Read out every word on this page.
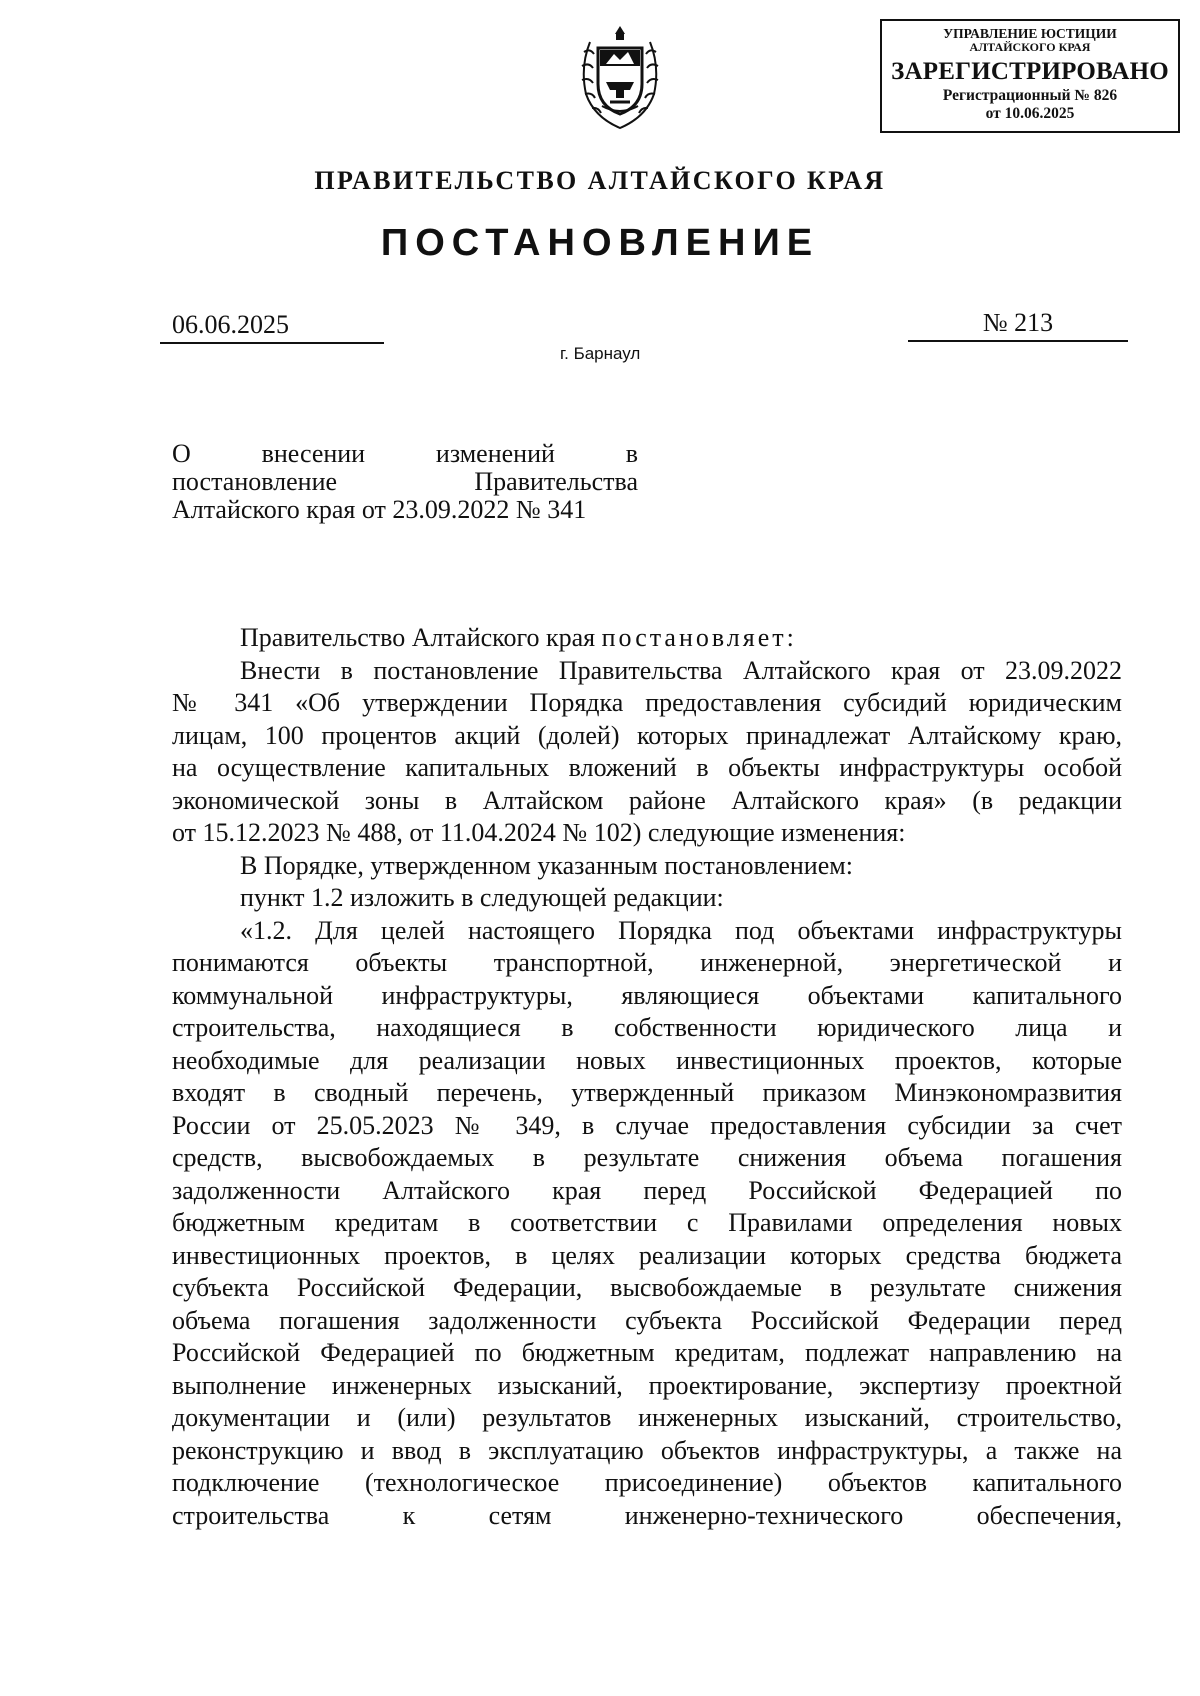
УПРАВЛЕНИЕ ЮСТИЦИИ
АЛТАЙСКОГО КРАЯ
ЗАРЕГИСТРИРОВАНО
Регистрационный № 826
от 10.06.2025
ПРАВИТЕЛЬСТВО АЛТАЙСКОГО КРАЯ
ПОСТАНОВЛЕНИЕ
06.06.2025	№ 213
г. Барнаул
О внесении изменений в
постановление Правительства
Алтайского края от 23.09.2022 № 341

Правительство Алтайского края постановляет:

Внести в постановление Правительства Алтайского края от 23.09.2022
№ 341 «Об утверждении Порядка предоставления субсидий юридическим
лицам, 100 процентов акций (долей) которых принадлежат Алтайскому краю,
на осуществление капитальных вложений в объекты инфраструктуры особой
экономической зоны в Алтайском районе Алтайского края» (в редакции
от 15.12.2023 № 488, от 11.04.2024 № 102) следующие изменения:

В Порядке, утвержденном указанным постановлением:

пункт 1.2 изложить в следующей редакции:

«1.2. Для целей настоящего Порядка под объектами инфраструктуры
понимаются объекты транспортной, инженерной, энергетической и
коммунальной инфраструктуры, являющиеся объектами капитального
строительства, находящиеся в собственности юридического лица и
необходимые для реализации новых инвестиционных проектов, которые
входят в сводный перечень, утвержденный приказом Минэкономразвития
России от 25.05.2023 № 349, в случае предоставления субсидии за счет
средств, высвобождаемых в результате снижения объема погашения
задолженности Алтайского края перед Российской Федерацией по
бюджетным кредитам в соответствии с Правилами определения новых
инвестиционных проектов, в целях реализации которых средства бюджета
субъекта Российской Федерации, высвобождаемые в результате снижения
объема погашения задолженности субъекта Российской Федерации перед
Российской Федерацией по бюджетным кредитам, подлежат направлению на
выполнение инженерных изысканий, проектирование, экспертизу проектной
документации и (или) результатов инженерных изысканий, строительство,
реконструкцию и ввод в эксплуатацию объектов инфраструктуры, а также на
подключение (технологическое присоединение) объектов капитального
строительства к сетям инженерно-технического обеспечения,
